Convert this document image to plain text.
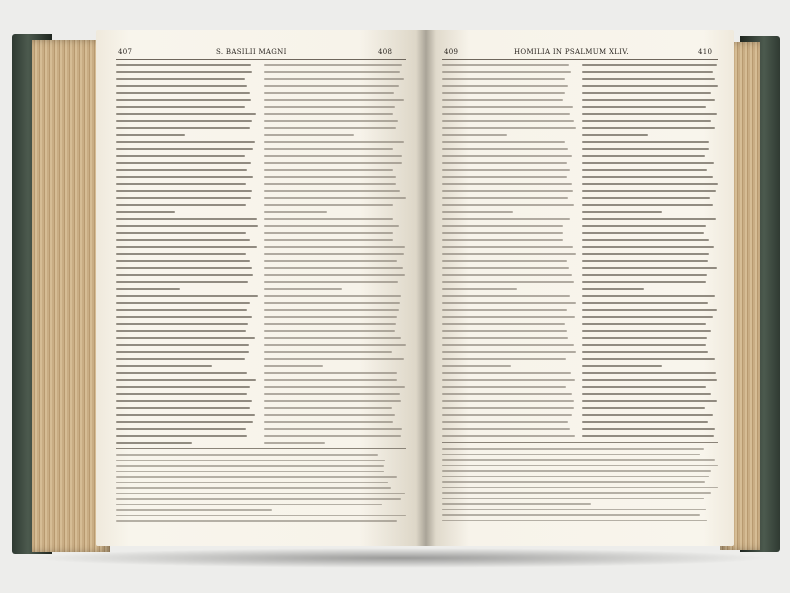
407	S. BASILII MAGNI	408	409	HOMILIA IN PSALMUM XLIV.	410
